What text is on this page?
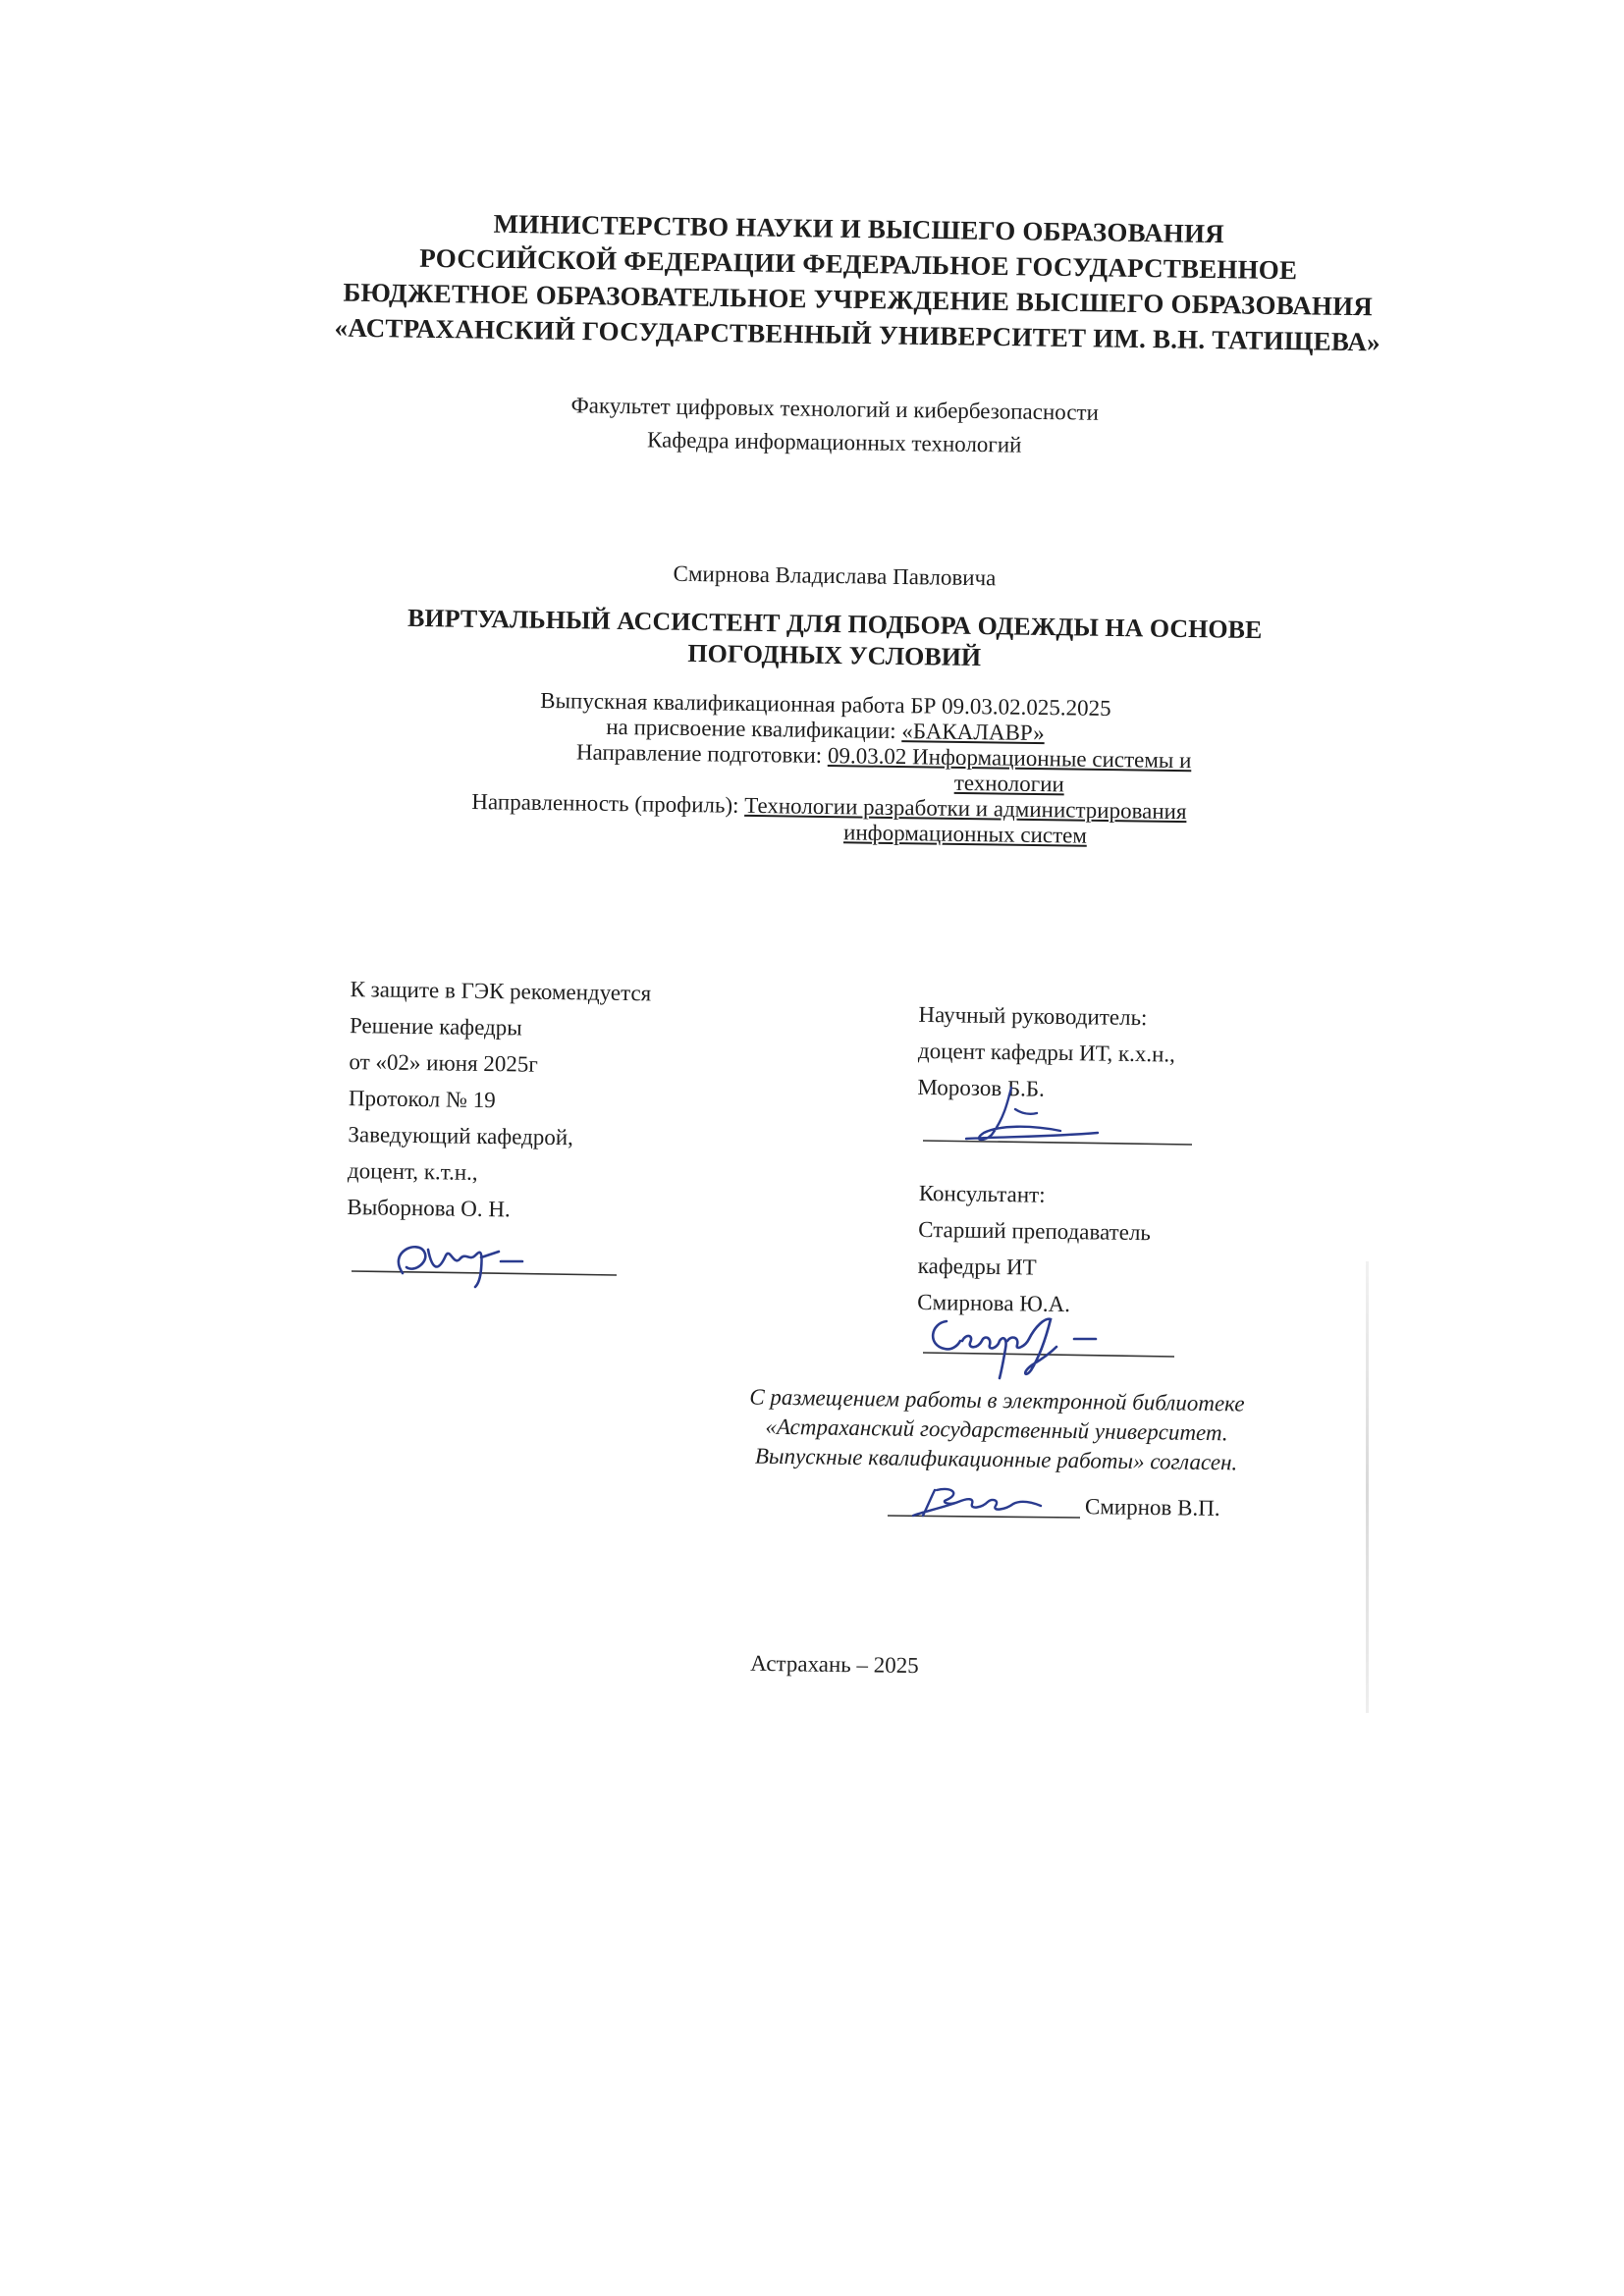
МИНИСТЕРСТВО НАУКИ И ВЫСШЕГО ОБРАЗОВАНИЯ
РОССИЙСКОЙ ФЕДЕРАЦИИ ФЕДЕРАЛЬНОЕ ГОСУДАРСТВЕННОЕ
БЮДЖЕТНОЕ ОБРАЗОВАТЕЛЬНОЕ УЧРЕЖДЕНИЕ ВЫСШЕГО ОБРАЗОВАНИЯ
«АСТРАХАНСКИЙ ГОСУДАРСТВЕННЫЙ УНИВЕРСИТЕТ ИМ. В.Н. ТАТИЩЕВА»
Факультет цифровых технологий и кибербезопасности
Кафедра информационных технологий
Смирнова Владислава Павловича
ВИРТУАЛЬНЫЙ АССИСТЕНТ ДЛЯ ПОДБОРА ОДЕЖДЫ НА ОСНОВЕ
ПОГОДНЫХ УСЛОВИЙ
Выпускная квалификационная работа БР 09.03.02.025.2025
на присвоение квалификации: «БАКАЛАВР»
Направление подготовки:
09.03.02 Информационные системы и
технологии
Направленность (профиль):
Технологии разработки и администрирования
информационных систем
К защите в ГЭК рекомендуется
Решение кафедры
от «02» июня 2025г
Протокол № 19
Заведующий кафедрой,
доцент, к.т.н.,
Выборнова О. Н.
Научный руководитель:
доцент кафедры ИТ, к.х.н.,
Морозов Б.Б.
Консультант:
Старший преподаватель
кафедры ИТ
Смирнова Ю.А.
С размещением работы в электронной библиотеке
«Астраханский государственный университет.
Выпускные квалификационные работы» согласен.
Смирнов В.П.
Астрахань – 2025
